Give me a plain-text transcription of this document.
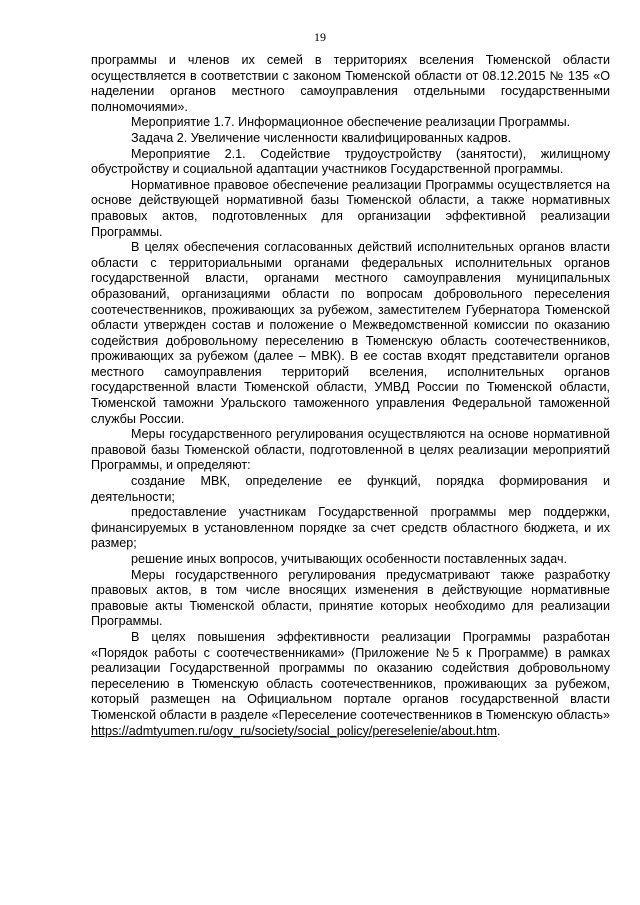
19

программы и членов их семей в территориях вселения Тюменской области осуществляется в соответствии с законом Тюменской области от 08.12.2015 № 135 «О наделении органов местного самоуправления отдельными государственными полномочиями».

Мероприятие 1.7. Информационное обеспечение реализации Программы.

Задача 2. Увеличение численности квалифицированных кадров.

Мероприятие 2.1. Содействие трудоустройству (занятости), жилищному обустройству и социальной адаптации участников Государственной программы.

Нормативное правовое обеспечение реализации Программы осуществляется на основе действующей нормативной базы Тюменской области, а также нормативных правовых актов, подготовленных для организации эффективной реализации Программы.

В целях обеспечения согласованных действий исполнительных органов власти области с территориальными органами федеральных исполнительных органов государственной власти, органами местного самоуправления муниципальных образований, организациями области по вопросам добровольного переселения соотечественников, проживающих за рубежом, заместителем Губернатора Тюменской области утвержден состав и положение о Межведомственной комиссии по оказанию содействия добровольному переселению в Тюменскую область соотечественников, проживающих за рубежом (далее – МВК). В ее состав входят представители органов местного самоуправления территорий вселения, исполнительных органов государственной власти Тюменской области, УМВД России по Тюменской области, Тюменской таможни Уральского таможенного управления Федеральной таможенной службы России.

Меры государственного регулирования осуществляются на основе нормативной правовой базы Тюменской области, подготовленной в целях реализации мероприятий Программы, и определяют:

создание МВК, определение ее функций, порядка формирования и деятельности;

предоставление участникам Государственной программы мер поддержки, финансируемых в установленном порядке за счет средств областного бюджета, и их размер;

решение иных вопросов, учитывающих особенности поставленных задач.

Меры государственного регулирования предусматривают также разработку правовых актов, в том числе вносящих изменения в действующие нормативные правовые акты Тюменской области, принятие которых необходимо для реализации Программы.

В целях повышения эффективности реализации Программы разработан «Порядок работы с соотечественниками» (Приложение №5 к Программе) в рамках реализации Государственной программы по оказанию содействия добровольному переселению в Тюменскую область соотечественников, проживающих за рубежом, который размещен на Официальном портале органов государственной власти Тюменской области в разделе «Переселение соотечественников в Тюменскую область»

https://admtyumen.ru/ogv_ru/society/social_policy/pereselenie/about.htm.
